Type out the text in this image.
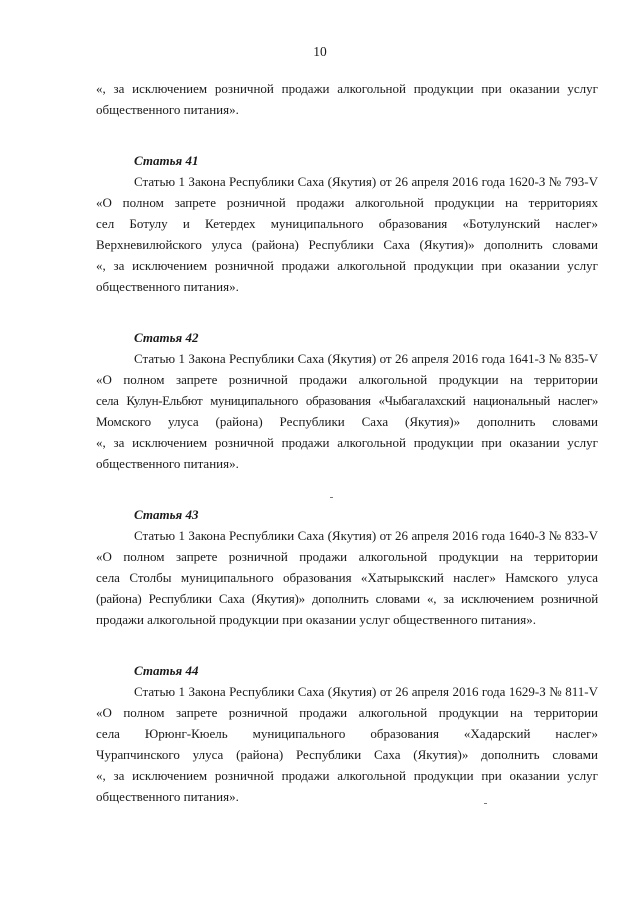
10
«, за исключением розничной продажи алкогольной продукции при оказании услуг
общественного питания».
Статья 41
Статью 1 Закона Республики Саха (Якутия) от 26 апреля 2016 года 1620-З № 793-V
«О полном запрете розничной продажи алкогольной продукции на территориях
сел Ботулу и Кетердех муниципального образования «Ботулунский наслег»
Верхневилюйского улуса (района) Республики Саха (Якутия)» дополнить словами
«, за исключением розничной продажи алкогольной продукции при оказании услуг
общественного питания».
Статья 42
Статью 1 Закона Республики Саха (Якутия) от 26 апреля 2016 года 1641-З № 835-V
«О полном запрете розничной продажи алкогольной продукции на территории
села Кулун-Ельбют муниципального образования «Чыбагалахский национальный наслег»
Момского улуса (района) Республики Саха (Якутия)» дополнить словами
«, за исключением розничной продажи алкогольной продукции при оказании услуг
общественного питания».
Статья 43
Статью 1 Закона Республики Саха (Якутия) от 26 апреля 2016 года 1640-З № 833-V
«О полном запрете розничной продажи алкогольной продукции на территории
села Столбы муниципального образования «Хатырыкский наслег» Намского улуса
(района) Республики Саха (Якутия)» дополнить словами «, за исключением розничной
продажи алкогольной продукции при оказании услуг общественного питания».
Статья 44
Статью 1 Закона Республики Саха (Якутия) от 26 апреля 2016 года 1629-З № 811-V
«О полном запрете розничной продажи алкогольной продукции на территории
села Юрюнг-Кюель муниципального образования «Хадарский наслег»
Чурапчинского улуса (района) Республики Саха (Якутия)» дополнить словами
«, за исключением розничной продажи алкогольной продукции при оказании услуг
общественного питания».
